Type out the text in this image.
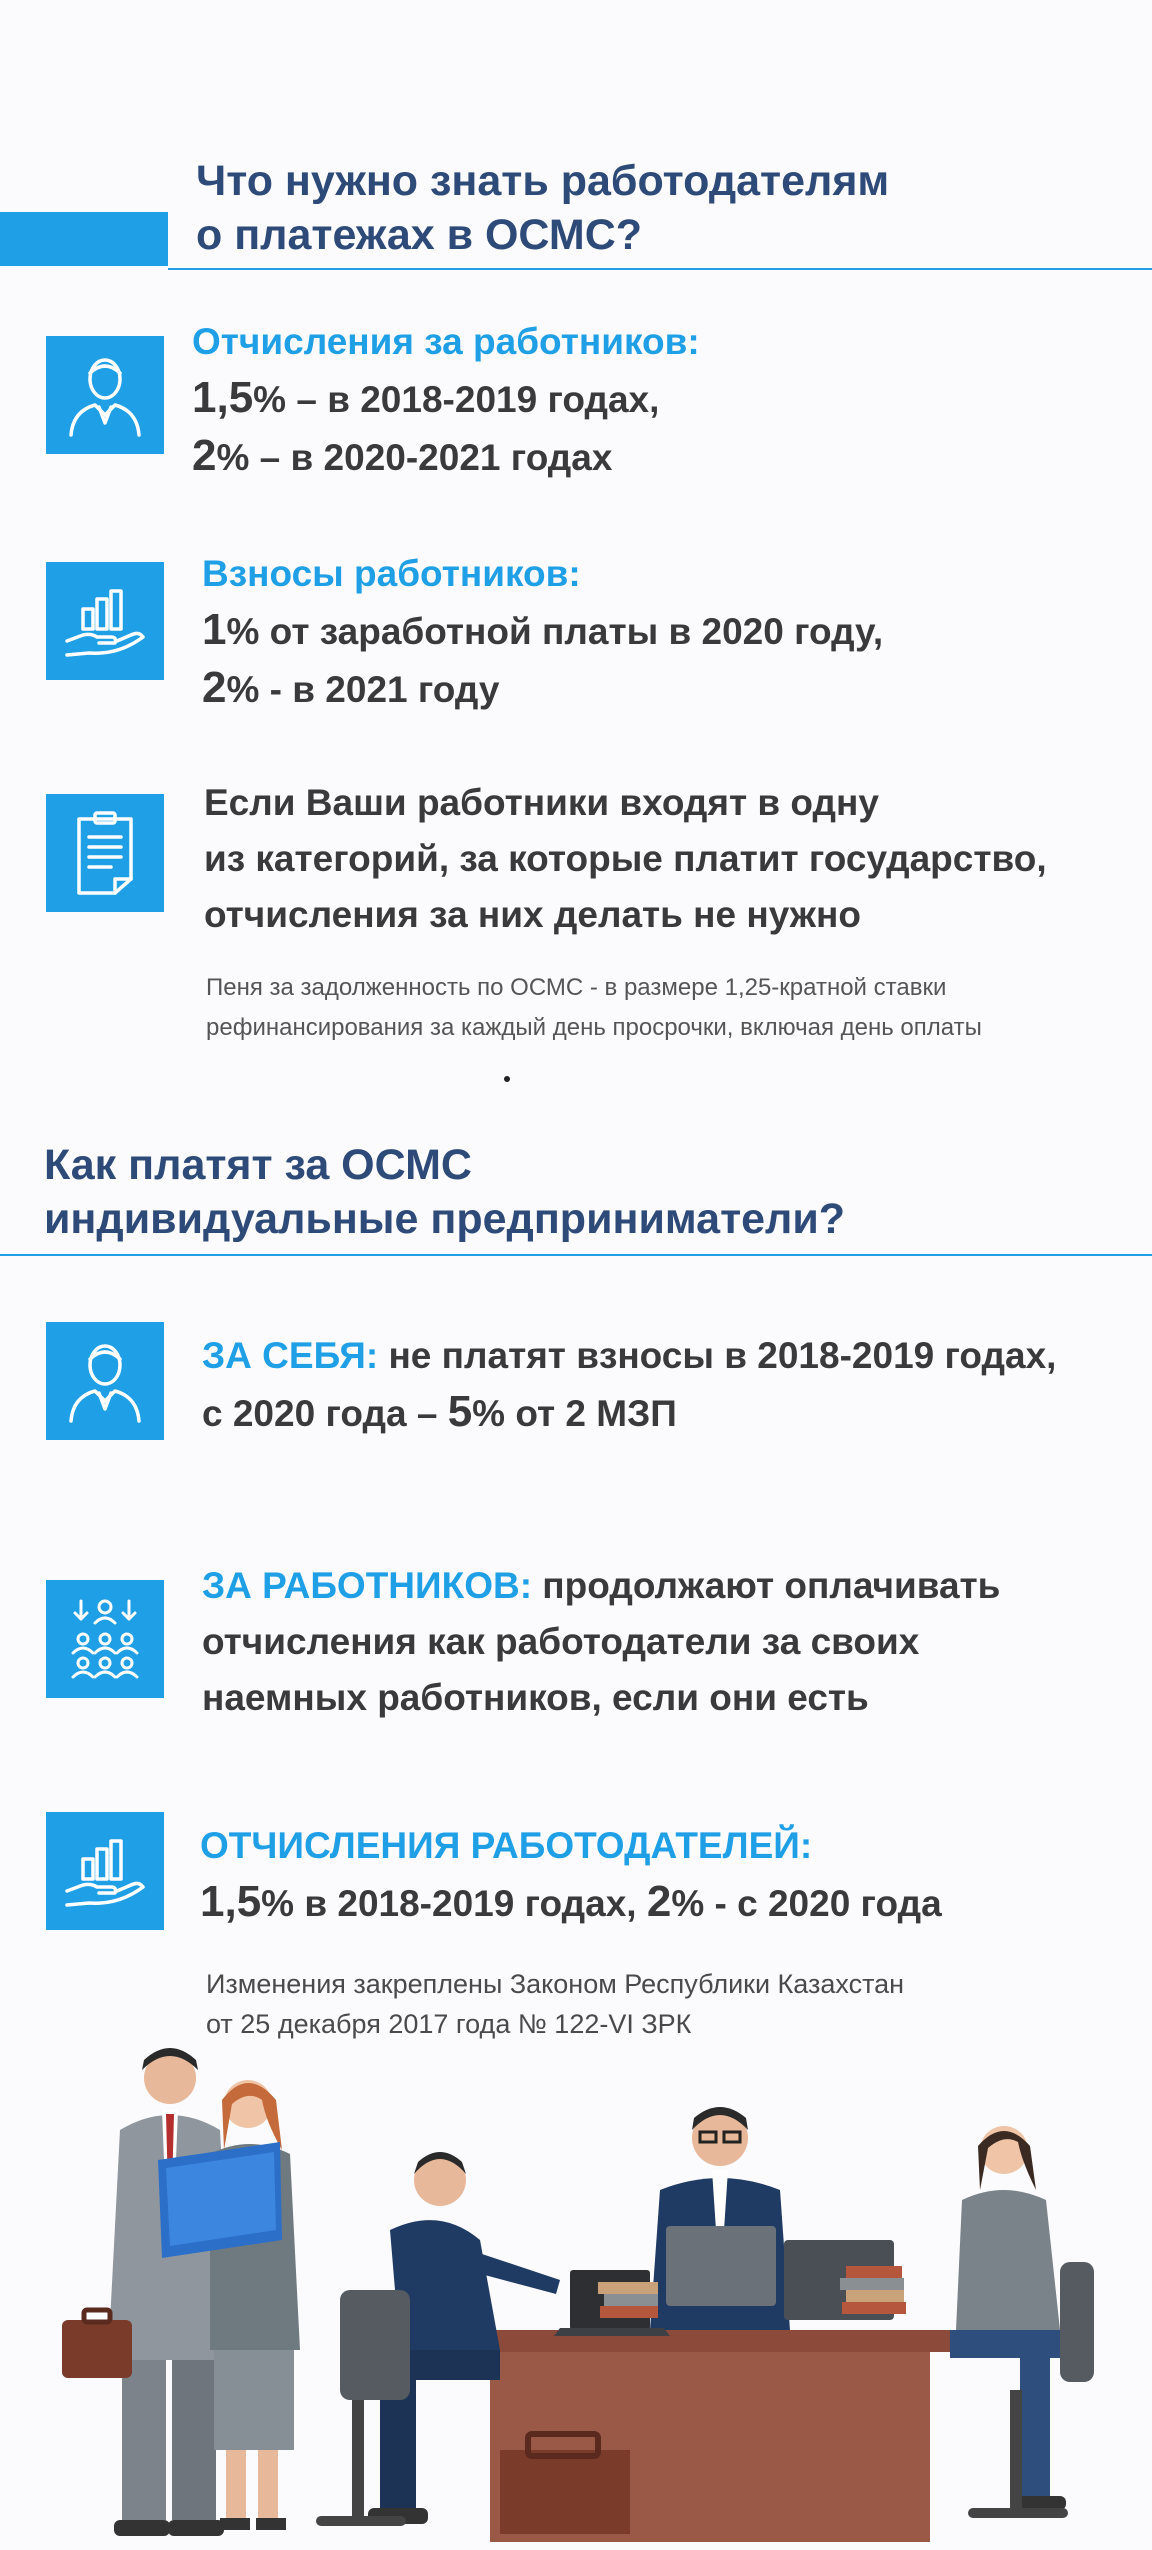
Что нужно знать работодателям
о платежах в ОСМС?
Отчисления за работников:
1,5% – в 2018-2019 годах,
2% – в 2020-2021 годах
Взносы работников:
1% от заработной платы в 2020 году,
2% - в 2021 году
Если Ваши работники входят в одну
из категорий, за которые платит государство,
отчисления за них делать не нужно
Пеня за задолженность по ОСМС - в размере 1,25-кратной ставки
рефинансирования за каждый день просрочки, включая день оплаты
Как платят за ОСМС
индивидуальные предприниматели?
ЗА СЕБЯ: не платят взносы в 2018-2019 годах,
с 2020 года – 5% от 2 МЗП
ЗА РАБОТНИКОВ: продолжают оплачивать
отчисления как работодатели за своих
наемных работников, если они есть
ОТЧИСЛЕНИЯ РАБОТОДАТЕЛЕЙ:
1,5% в 2018-2019 годах, 2% - с 2020 года
Изменения закреплены Законом Республики Казахстан
от 25 декабря 2017 года № 122-VI ЗРК
